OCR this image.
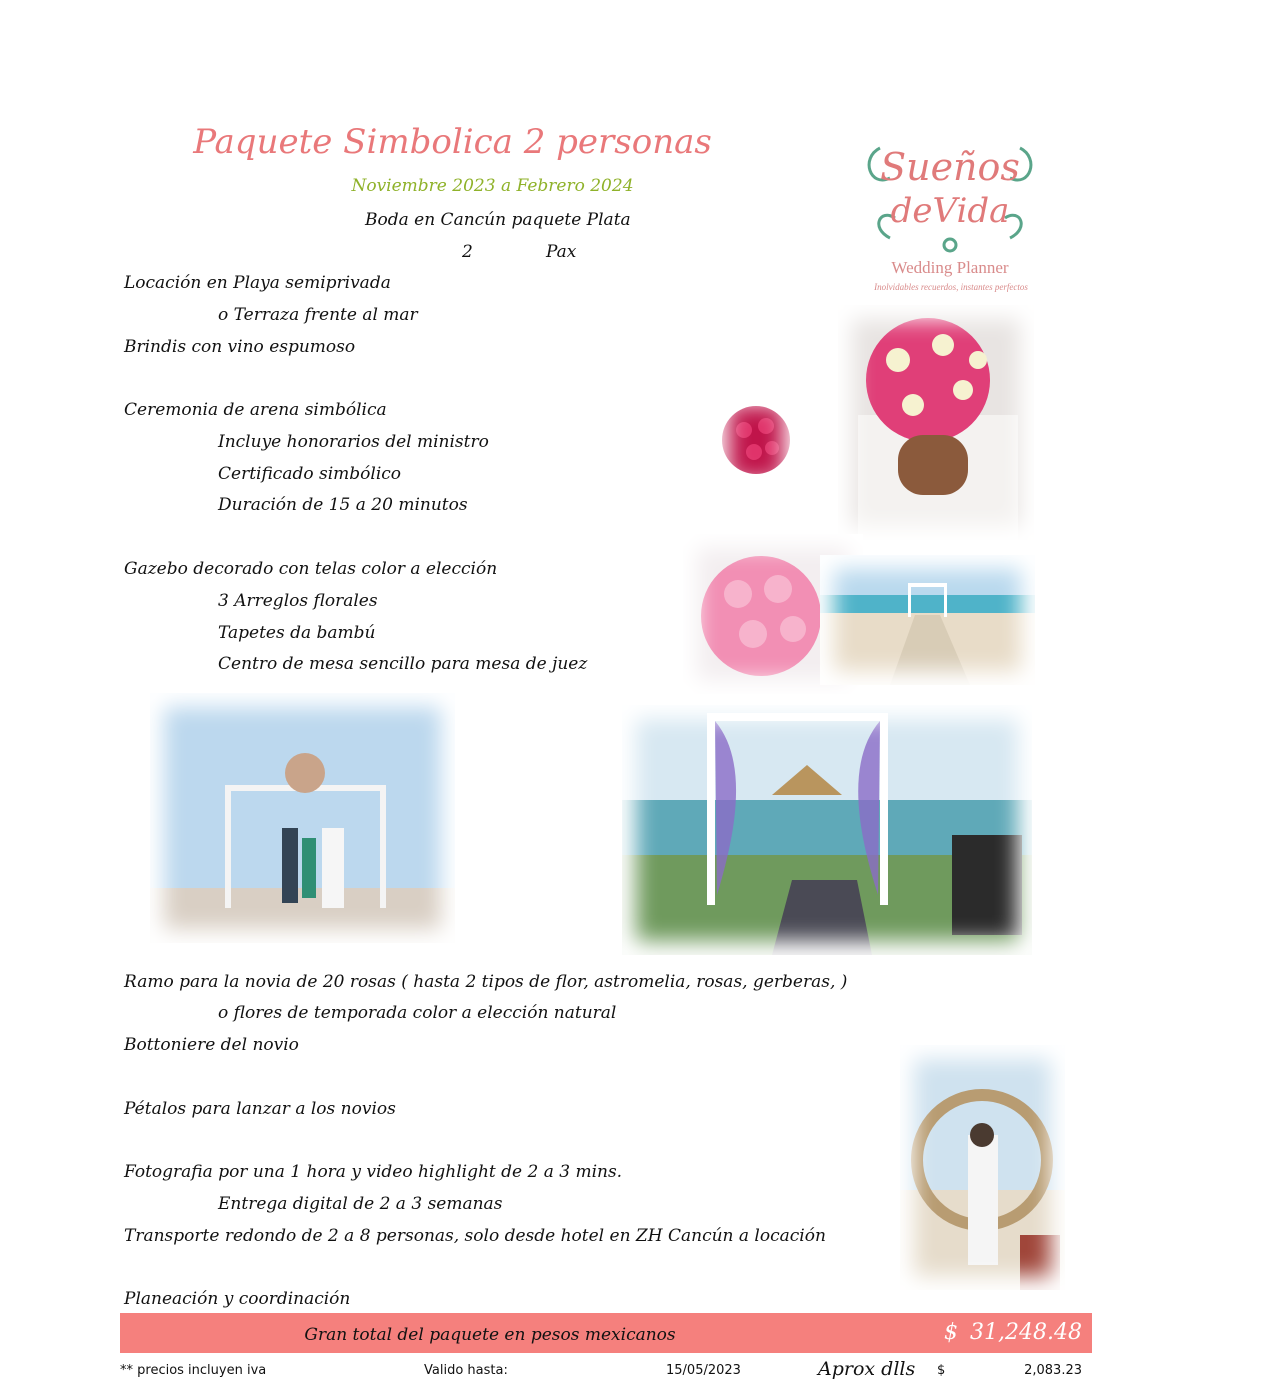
Paquete Simbolica 2 personas
Noviembre 2023 a Febrero 2024
Boda en Cancún paquete Plata
2	Pax
Sueños
deVida
Wedding Planner
Inolvidables recuerdos, instantes perfectos
Locación en Playa semiprivada
o Terraza frente al mar
Brindis con vino espumoso
Ceremonia de arena simbólica
Incluye honorarios del ministro
Certificado simbólico
Duración de 15 a 20 minutos
Gazebo decorado con telas color a elección
3 Arreglos florales
Tapetes da bambú
Centro de mesa sencillo para mesa de juez
Ramo para la novia de 20 rosas ( hasta 2 tipos de flor, astromelia, rosas, gerberas, )
o flores de temporada color a elección natural
Bottoniere del novio
Pétalos para lanzar a los novios
Fotografia por una 1 hora y video highlight de 2 a 3 mins.
Entrega digital de 2 a 3 semanas
Transporte redondo de 2 a 8 personas, solo desde hotel en ZH Cancún a locación
Planeación y coordinación
Gran total del paquete en pesos mexicanos	$ 31,248.48
** precios incluyen iva	Valido hasta:	15/05/2023	Aprox dlls $	2,083.23
